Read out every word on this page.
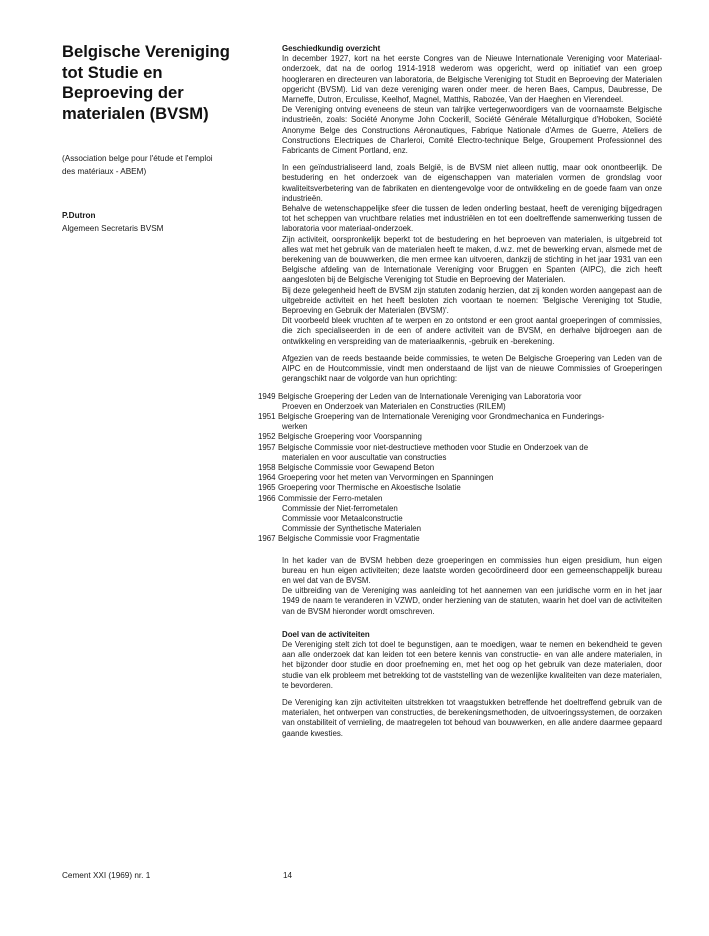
Belgische Vereniging
tot Studie en
Beproeving der
materialen (BVSM)
(Association belge pour l'étude et l'emploi
des matériaux - ABEM)
P.Dutron
Algemeen Secretaris BVSM
Geschiedkundig overzicht

In december 1927, kort na het eerste Congres van de Nieuwe Internationale Vereniging voor Materiaal-onderzoek, dat na de oorlog 1914-1918 wederom was opgericht, werd op initiatief van een groep hoogleraren en directeuren van laboratoria, de Belgische Vereniging tot Studit en Beproeving der Materialen opgericht (BVSM). Lid van deze vereniging waren onder meer. de heren Baes, Campus, Daubresse, De Marneffe, Dutron, Erculisse, Keelhof, Magnel, Matthis, Rabozée, Van der Haeghen en Vierendeel.

De Vereniging ontving eveneens de steun van talrijke vertegenwoordigers van de voornaamste Belgische industrieën, zoals: Société Anonyme John Cockerill, Société Générale Métallurgique d'Hoboken, Société Anonyme Belge des Constructions Aéronautiques, Fabrique Nationale d'Armes de Guerre, Ateliers de Constructions Electriques de Charleroi, Comité Electro-technique Belge, Groupement Professionnel des Fabricants de Ciment Portland, enz.

In een geïndustrialiseerd land, zoals België, is de BVSM niet alleen nuttig, maar ook onontbeerlijk. De bestudering en het onderzoek van de eigenschappen van materialen vormen de grondslag voor kwaliteitsverbetering van de fabrikaten en dientengevolge voor de ontwikkeling en de goede faam van onze industrieën.

Behalve de wetenschappelijke sfeer die tussen de leden onderling bestaat, heeft de vereniging bijgedragen tot het scheppen van vruchtbare relaties met industriëlen en tot een doeltreffende samenwerking tussen de laboratoria voor materiaal-onderzoek.

Zijn activiteit, oorspronkelijk beperkt tot de bestudering en het beproeven van materialen, is uitgebreid tot alles wat met het gebruik van de materialen heeft te maken, d.w.z. met de bewerking ervan, alsmede met de berekening van de bouwwerken, die men ermee kan uitvoeren, dankzij de stichting in het jaar 1931 van een Belgische afdeling van de Internationale Vereniging voor Bruggen en Spanten (AIPC), die zich heeft aangesloten bij de Belgische Vereniging tot Studie en Beproeving der Materialen.

Bij deze gelegenheid heeft de BVSM zijn statuten zodanig herzien, dat zij konden worden aangepast aan de uitgebreide activiteit en het heeft besloten zich voortaan te noemen: 'Belgische Vereniging tot Studie, Beproeving en Gebruik der Materialen (BVSM)'.

Dit voorbeeld bleek vruchten af te werpen en zo ontstond er een groot aantal groeperingen of commissies, die zich specialiseerden in de een of andere activiteit van de BVSM, en derhalve bijdroegen aan de ontwikkeling en verspreiding van de materiaalkennis, -gebruik en -berekening.

Afgezien van de reeds bestaande beide commissies, te weten De Belgische Groepering van Leden van de AIPC en de Houtcommissie, vindt men onderstaand de lijst van de nieuwe Commissies of Groeperingen gerangschikt naar de volgorde van hun oprichting:

1949 Belgische Groepering der Leden van de Internationale Vereniging van Laboratoria voor
Proeven en Onderzoek van Materialen en Constructies (RILEM)
1951 Belgische Groepering van de Internationale Vereniging voor Grondmechanica en Funderings-
werken
1952 Belgische Groepering voor Voorspanning
1957 Belgische Commissie voor niet-destructieve methoden voor Studie en Onderzoek van de
materialen en voor auscultatie van constructies
1958 Belgische Commissie voor Gewapend Beton
1964 Groepering voor het meten van Vervormingen en Spanningen
1965 Groepering voor Thermische en Akoestische Isolatie
1966 Commissie der Ferro-metalen
Commissie der Niet-ferrometalen
Commissie voor Metaalconstructie
Commissie der Synthetische Materialen
1967 Belgische Commissie voor Fragmentatie

In het kader van de BVSM hebben deze groeperingen en commissies hun eigen presidium, hun eigen bureau en hun eigen activiteiten; deze laatste worden gecoördineerd door een gemeenschappelijk bureau en wel dat van de BVSM.

De uitbreiding van de Vereniging was aanleiding tot het aannemen van een juridische vorm en in het jaar 1949 de naam te veranderen in VZWD, onder herziening van de statuten, waarin het doel van de activiteiten van de BVSM hieronder wordt omschreven.

Doel van de activiteiten

De Vereniging stelt zich tot doel te begunstigen, aan te moedigen, waar te nemen en bekendheid te geven aan alle onderzoek dat kan leiden tot een betere kennis van constructie- en van alle andere materialen, in het bijzonder door studie en door proefneming en, met het oog op het gebruik van deze materialen, door studie van elk probleem met betrekking tot de vaststelling van de wezenlijke kwaliteiten van deze materialen, te bevorderen.

De Vereniging kan zijn activiteiten uitstrekken tot vraagstukken betreffende het doeltreffend gebruik van de materialen, het ontwerpen van constructies, de berekeningsmethoden, de uitvoeringssystemen, de oorzaken van onstabiliteit of vernieling, de maatregelen tot behoud van bouwwerken, en alle andere daarmee gepaard gaande kwesties.

Cement XXI (1969) nr. 1	14
